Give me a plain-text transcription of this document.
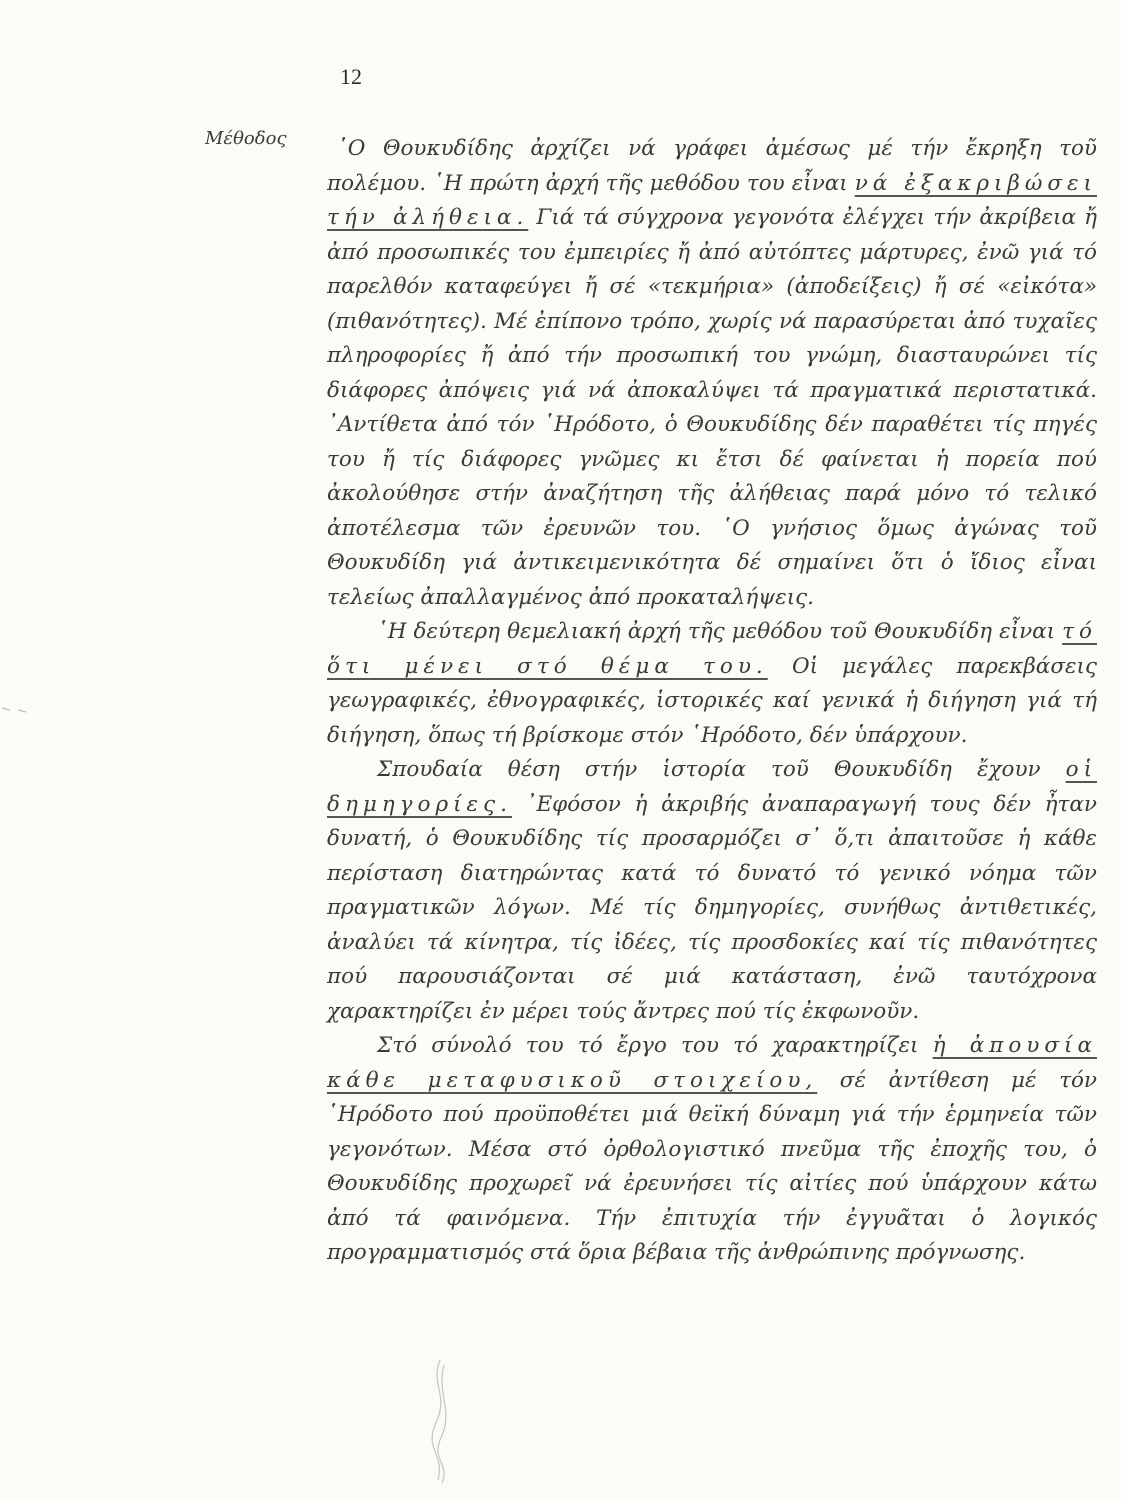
12
Μέθοδος	῾Ο Θουκυδίδης ἀρχίζει νά γράφει ἀμέσως μέ τήν ἔκρηξη τοῦ πολέμου. ῾Η πρώτη ἀρχή τῆς μεθόδου του εἶναι νά ἐξακριβώσει τήν ἀλήθεια. Γιά τά σύγχρονα γεγονότα ἐλέγχει τήν ἀκρίβεια ἤ ἀπό προσωπικές του ἐμπειρίες ἤ ἀπό αὐτόπτες μάρτυρες, ἐνῶ γιά τό παρελθόν καταφεύγει ἤ σέ «τεκμήρια» (ἀποδείξεις) ἤ σέ «εἰκότα» (πιθανότητες). Μέ ἐπίπονο τρόπο, χωρίς νά παρασύρεται ἀπό τυχαῖες πληροφορίες ἤ ἀπό τήν προσωπική του γνώμη, διασταυρώνει τίς διάφορες ἀπόψεις γιά νά ἀποκαλύψει τά πραγματικά περιστατικά. ᾿Αντίθετα ἀπό τόν ῾Ηρόδοτο, ὁ Θουκυδίδης δέν παραθέτει τίς πηγές του ἤ τίς διάφορες γνῶμες κι ἔτσι δέ φαίνεται ἡ πορεία πού ἀκολούθησε στήν ἀναζήτηση τῆς ἀλήθειας παρά μόνο τό τελικό ἀποτέλεσμα τῶν ἐρευνῶν του. ῾Ο γνήσιος ὅμως ἀγώνας τοῦ Θουκυδίδη γιά ἀντικειμενικότητα δέ σημαίνει ὅτι ὁ ἴδιος εἶναι τελείως ἀπαλλαγμένος ἀπό προκαταλήψεις.

῾Η δεύτερη θεμελιακή ἀρχή τῆς μεθόδου τοῦ Θουκυδίδη εἶναι τό ὅτι μένει στό θέμα του. Οἱ μεγάλες παρεκβάσεις γεωγραφικές, ἐθνογραφικές, ἱστορικές καί γενικά ἡ διήγηση γιά τή διήγηση, ὅπως τή βρίσκομε στόν ῾Ηρόδοτο, δέν ὑπάρχουν.

Σπουδαία θέση στήν ἱστορία τοῦ Θουκυδίδη ἔχουν οἱ δημηγορίες. ᾿Εφόσον ἡ ἀκριβής ἀναπαραγωγή τους δέν ἦταν δυνατή, ὁ Θουκυδίδης τίς προσαρμόζει σ᾿ ὅ,τι ἀπαιτοῦσε ἡ κάθε περίσταση διατηρώντας κατά τό δυνατό τό γενικό νόημα τῶν πραγματικῶν λόγων. Μέ τίς δημηγορίες, συνήθως ἀντιθετικές, ἀναλύει τά κίνητρα, τίς ἰδέες, τίς προσδοκίες καί τίς πιθανότητες πού παρουσιάζονται σέ μιά κατάσταση, ἐνῶ ταυτόχρονα χαρακτηρίζει ἐν μέρει τούς ἄντρες πού τίς ἐκφωνοῦν.

Στό σύνολό του τό ἔργο του τό χαρακτηρίζει ἡ ἀπουσία κάθε μεταφυσικοῦ στοιχείου, σέ ἀντίθεση μέ τόν ῾Ηρόδοτο πού προϋποθέτει μιά θεϊκή δύναμη γιά τήν ἑρμηνεία τῶν γεγονότων. Μέσα στό ὀρθολογιστικό πνεῦμα τῆς ἐποχῆς του, ὁ Θουκυδίδης προχωρεῖ νά ἐρευνήσει τίς αἰτίες πού ὑπάρχουν κάτω ἀπό τά φαινόμενα. Τήν ἐπιτυχία τήν ἐγγυᾶται ὁ λογικός προγραμματισμός στά ὅρια βέβαια τῆς ἀνθρώπινης πρόγνωσης.
